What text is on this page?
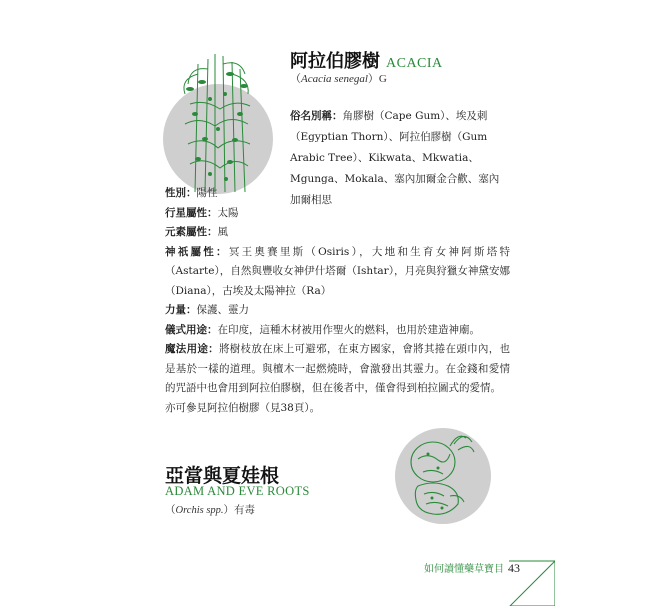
阿拉伯膠樹 ACACIA
（Acacia senegal）G
俗名別稱：角膠樹（Cape Gum）、埃及刺（Egyptian Thorn）、阿拉伯膠樹（Gum Arabic Tree）、Kikwata、Mkwatia、Mgunga、Mokala、塞內加爾金合歡、塞內加爾相思
性別：陽性
行星屬性：太陽
元素屬性：風
神祇屬性：冥王奧賽里斯（Osiris），大地和生育女神阿斯塔特（Astarte），自然與豐收女神伊什塔爾（Ishtar），月亮與狩獵女神黛安娜（Diana），古埃及太陽神拉（Ra）
力量：保護、靈力
儀式用途：在印度，這種木材被用作聖火的燃料，也用於建造神廟。
魔法用途：將樹枝放在床上可避邪，在東方國家，會將其捲在頭巾內，也是基於一樣的道理。與檀木一起燃燒時，會激發出其靈力。在金錢和愛情的咒語中也會用到阿拉伯膠樹，但在後者中，僅會得到柏拉圖式的愛情。
亦可參見阿拉伯樹膠（見38頁）。
亞當與夏娃根
ADAM AND EVE ROOTS
（Orchis spp.）有毒
如何讀懂藥草寶目 43
